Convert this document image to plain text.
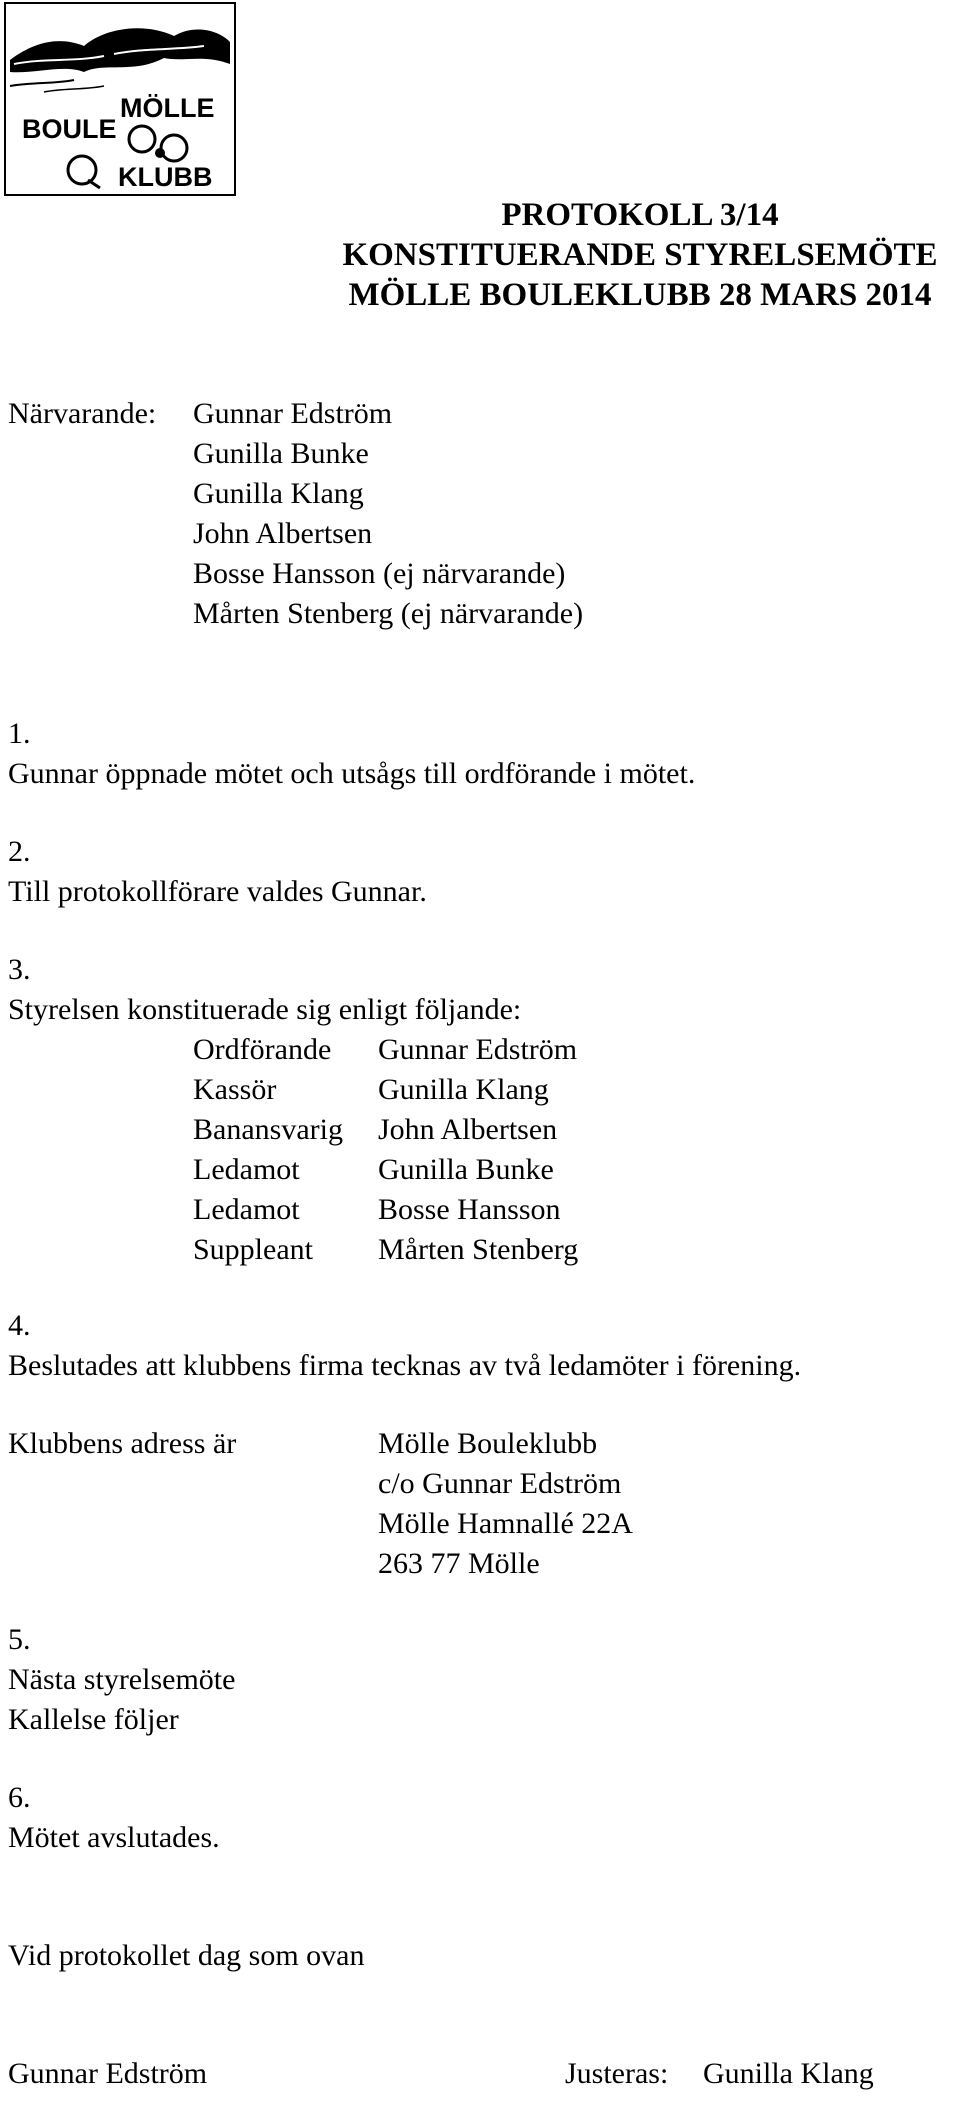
MÖLLE
BOULE
KLUBB
PROTOKOLL 3/14
KONSTITUERANDE STYRELSEMÖTE
MÖLLE BOULEKLUBB 28 MARS 2014
Närvarande: Gunnar Edström
Gunilla Bunke
Gunilla Klang
John Albertsen
Bosse Hansson (ej närvarande)
Mårten Stenberg (ej närvarande)
1.
Gunnar öppnade mötet och utsågs till ordförande i mötet.
2.
Till protokollförare valdes Gunnar.
3.
Styrelsen konstituerade sig enligt följande:
Ordförande Gunnar Edström
Kassör	Gunilla Klang
Banansvarig John Albertsen
Ledamot	Gunilla Bunke
Ledamot	Bosse Hansson
Suppleant Mårten Stenberg
4.
Beslutades att klubbens firma tecknas av två ledamöter i förening.
Klubbens adress är	Mölle Bouleklubb
c/o Gunnar Edström
Mölle Hamnallé 22A
263 77 Mölle
5.
Nästa styrelsemöte
Kallelse följer
6.
Mötet avslutades.
Vid protokollet dag som ovan
Gunnar Edström	Justeras: Gunilla Klang
